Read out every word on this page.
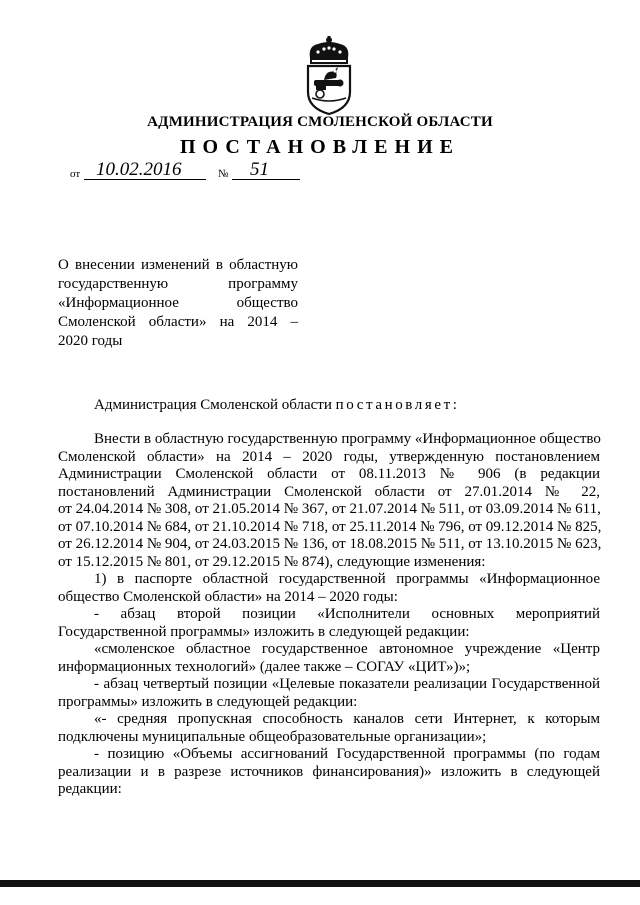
АДМИНИСТРАЦИЯ СМОЛЕНСКОЙ ОБЛАСТИ
ПОСТАНОВЛЕНИЕ
от 10.02.2016	№ 51
О внесении изменений в областную
государственную программу
«Информационное общество
Смоленской области» на 2014 –
2020 годы
Администрация Смоленской области постановляет:
Внести в областную государственную программу «Информационное общество
Смоленской области» на 2014 – 2020 годы, утвержденную постановлением
Администрации Смоленской области от 08.11.2013 № 906 (в редакции
постановлений Администрации Смоленской области от 27.01.2014 № 22,
от 24.04.2014 № 308, от 21.05.2014 № 367, от 21.07.2014 № 511, от 03.09.2014 № 611,
от 07.10.2014 № 684, от 21.10.2014 № 718, от 25.11.2014 № 796, от 09.12.2014 № 825,
от 26.12.2014 № 904, от 24.03.2015 № 136, от 18.08.2015 № 511, от 13.10.2015 № 623,
от 15.12.2015 № 801, от 29.12.2015 № 874), следующие изменения:
1) в паспорте областной государственной программы «Информационное
общество Смоленской области» на 2014 – 2020 годы:
- абзац второй позиции «Исполнители основных мероприятий
Государственной программы» изложить в следующей редакции:
«смоленское областное государственное автономное учреждение «Центр
информационных технологий» (далее также – СОГАУ «ЦИТ»)»;
- абзац четвертый позиции «Целевые показатели реализации Государственной
программы» изложить в следующей редакции:
«- средняя пропускная способность каналов сети Интернет, к которым
подключены муниципальные общеобразовательные организации»;
- позицию «Объемы ассигнований Государственной программы (по годам
реализации и в разрезе источников финансирования)» изложить в следующей
редакции:
